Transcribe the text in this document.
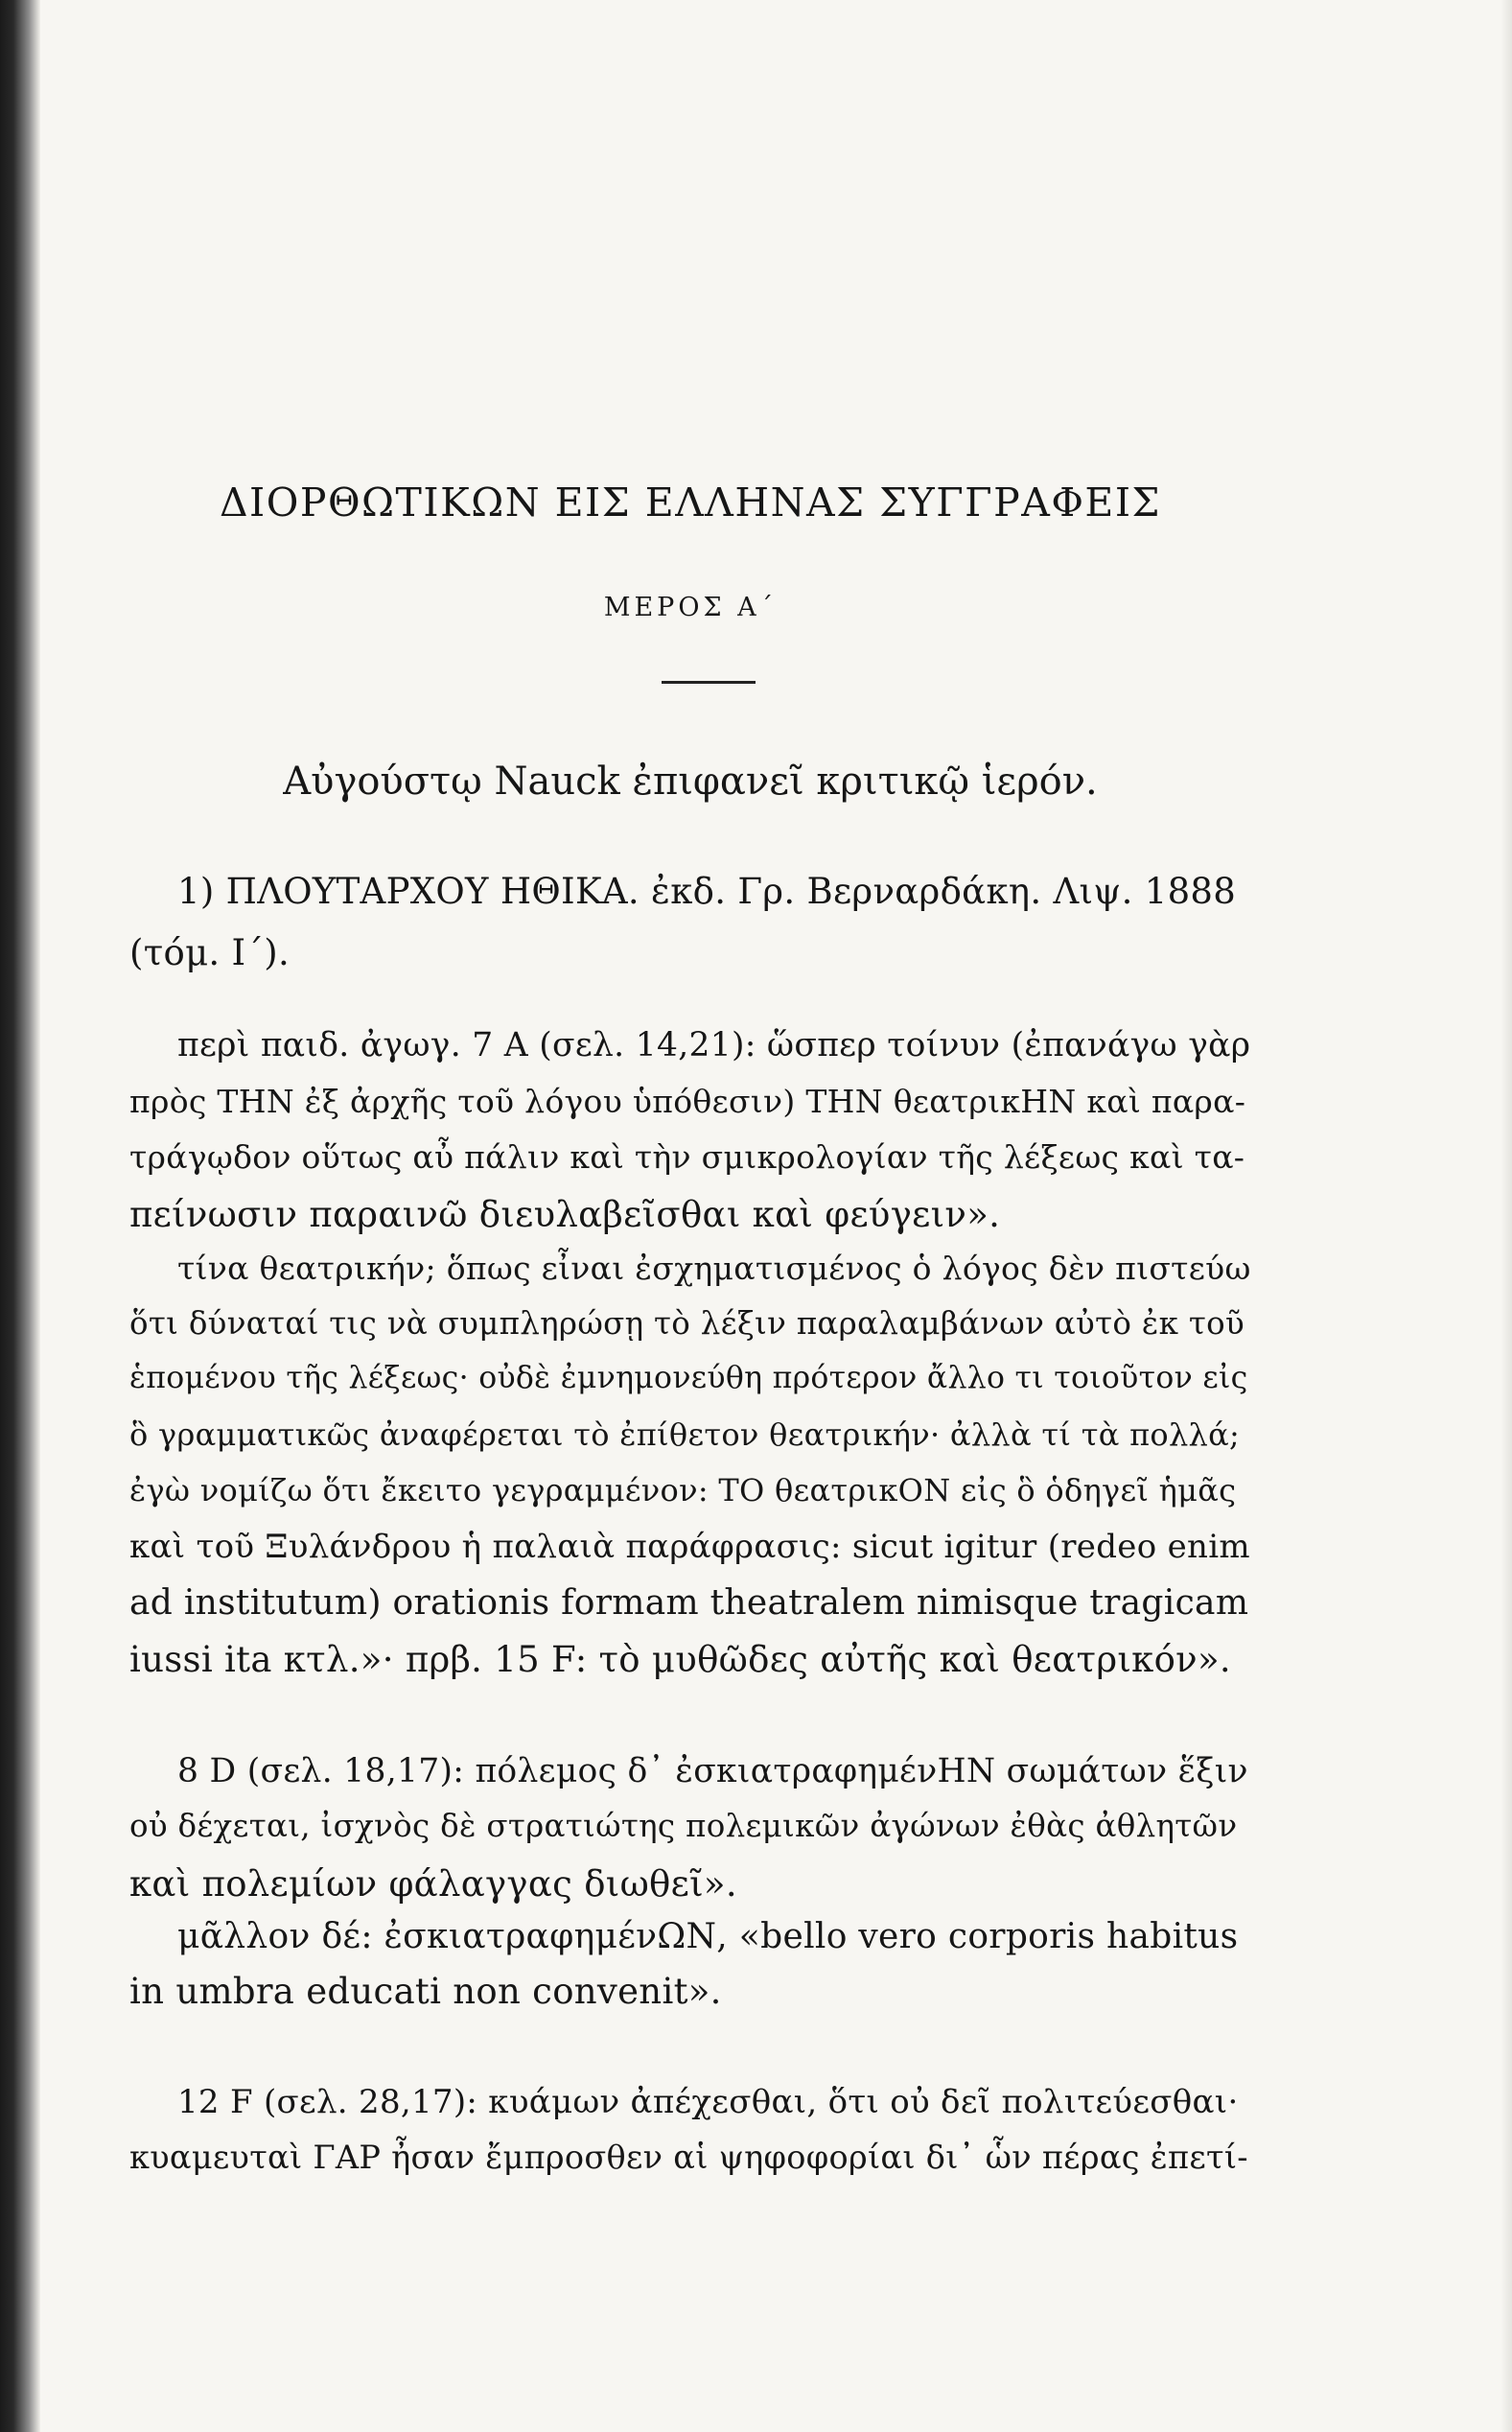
ΔΙΟΡΘΩΤΙΚΩΝ ΕΙΣ ΕΛΛΗΝΑΣ ΣΥΓΓΡΑΦΕΙΣ
ΜΕΡΟΣ Α΄
Αὐγούστῳ Nauck ἐπιφανεῖ κριτικῷ ἱερόν.
1) ΠΛΟΥΤΑΡΧΟΥ ΗΘΙΚΑ. ἐκδ. Γρ. Βερναρδάκη. Λιψ. 1888
(τόμ. Ι΄).
περὶ παιδ. ἀγωγ. 7 A (σελ. 14,21): ὥσπερ τοίνυν (ἐπανάγω γὰρ
πρὸς ΤΗΝ ἐξ ἀρχῆς τοῦ λόγου ὑπόθεσιν) ΤΗΝ θεατρικΗΝ καὶ παρα-
τράγῳδον οὕτως αὖ πάλιν καὶ τὴν σμικρολογίαν τῆς λέξεως καὶ τα-
πείνωσιν παραινῶ διευλαβεῖσθαι καὶ φεύγειν».
τίνα θεατρικήν; ὅπως εἶναι ἐσχηματισμένος ὁ λόγος δὲν πιστεύω
ὅτι δύναταί τις νὰ συμπληρώσῃ τὸ λέξιν παραλαμβάνων αὐτὸ ἐκ τοῦ
ἑπομένου τῆς λέξεως· οὐδὲ ἐμνημονεύθη πρότερον ἄλλο τι τοιοῦτον εἰς
ὃ γραμματικῶς ἀναφέρεται τὸ ἐπίθετον θεατρικήν· ἀλλὰ τί τὰ πολλά;
ἐγὼ νομίζω ὅτι ἔκειτο γεγραμμένον: ΤΟ θεατρικΟΝ εἰς ὃ ὁδηγεῖ ἡμᾶς
καὶ τοῦ Ξυλάνδρου ἡ παλαιὰ παράφρασις: sicut igitur (redeo enim
ad institutum) orationis formam theatralem nimisque tragicam
iussi ita κτλ.»· πρβ. 15 F: τὸ μυθῶδες αὐτῆς καὶ θεατρικόν».
8 D (σελ. 18,17): πόλεμος δ᾽ ἐσκιατραφημένΗΝ σωμάτων ἕξιν
οὐ δέχεται, ἰσχνὸς δὲ στρατιώτης πολεμικῶν ἀγώνων ἐθὰς ἀθλητῶν
καὶ πολεμίων φάλαγγας διωθεῖ».
μᾶλλον δέ: ἐσκιατραφημένΩΝ, «bello vero corporis habitus
in umbra educati non convenit».
12 F (σελ. 28,17): κυάμων ἀπέχεσθαι, ὅτι οὐ δεῖ πολιτεύεσθαι·
κυαμευταὶ ΓΑΡ ἦσαν ἔμπροσθεν αἱ ψηφοφορίαι δι᾽ ὧν πέρας ἐπετί-
